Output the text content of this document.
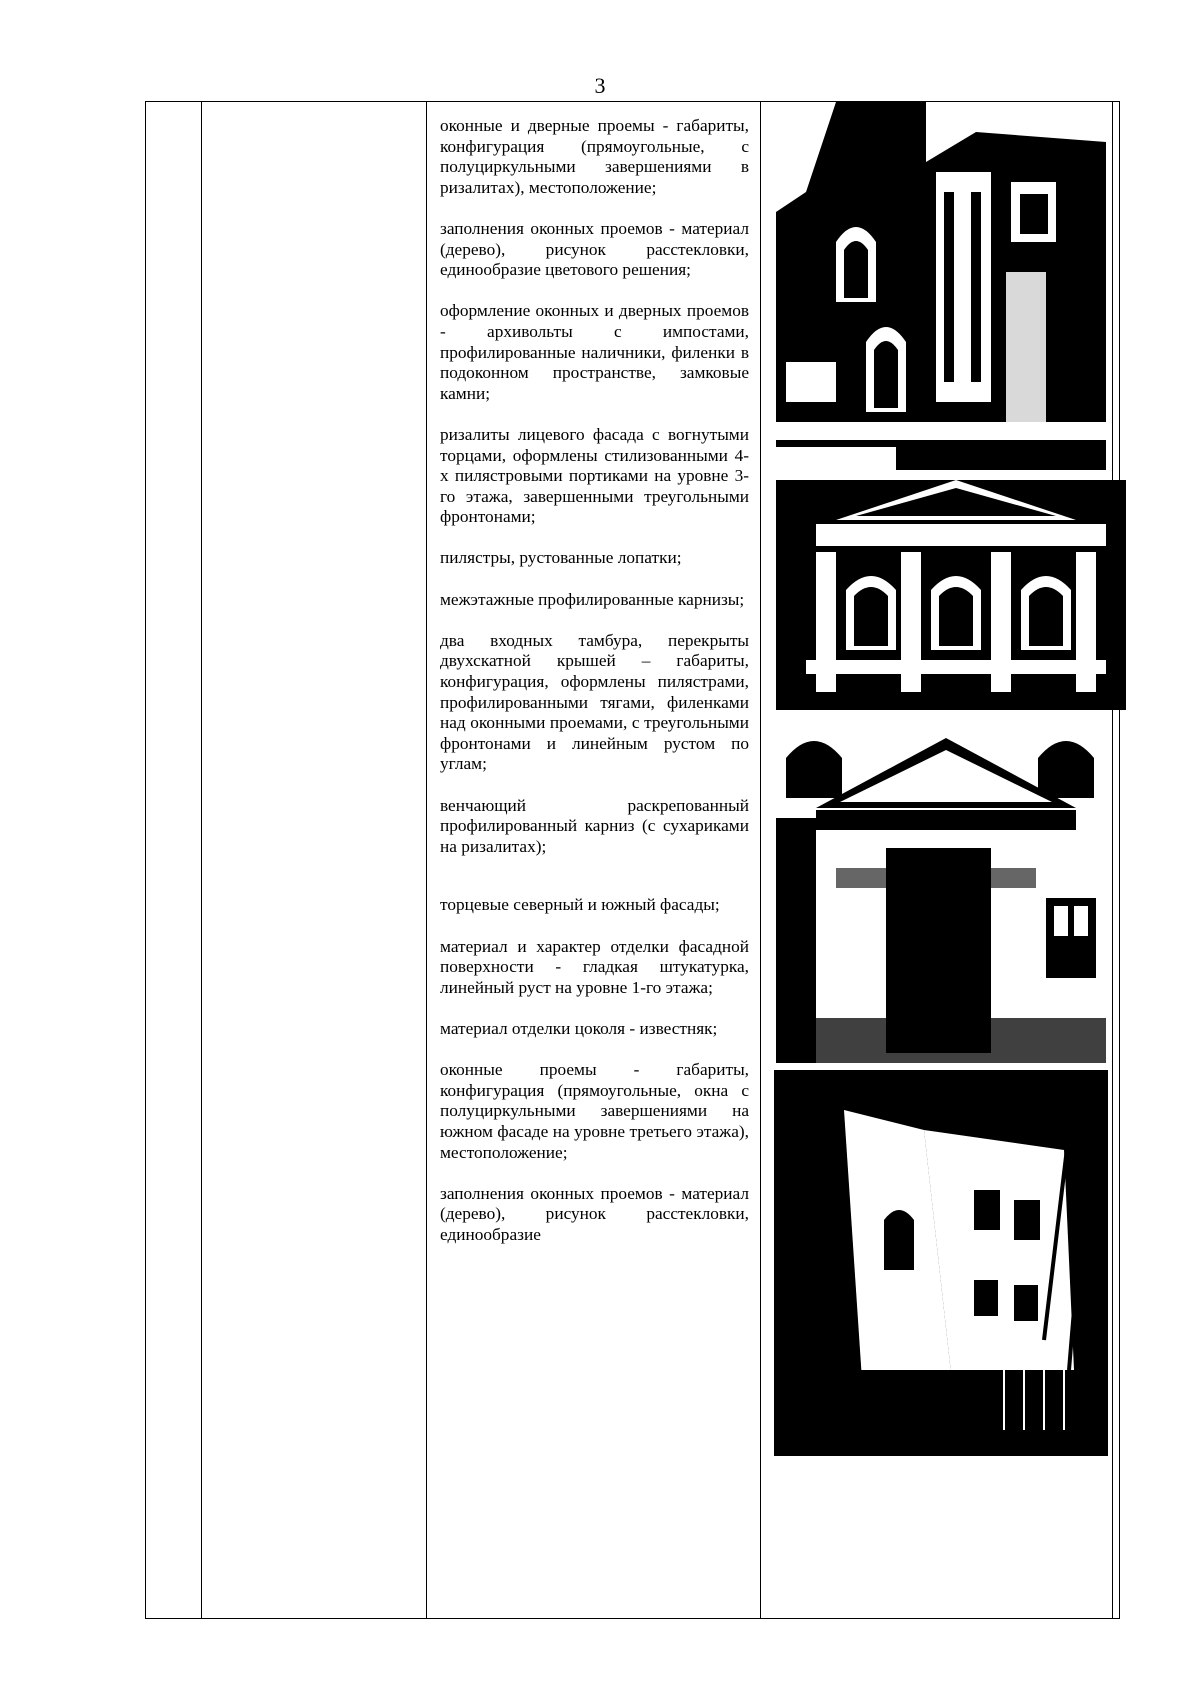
3

оконные и дверные проемы - габариты, конфигурация (прямоугольные, с полуциркульными завершениями в ризалитах), местоположение;

заполнения оконных проемов - материал (дерево), рисунок расстекловки, единообразие цветового решения;

оформление оконных и дверных проемов - архивольты с импостами, профилированные наличники, филенки в подоконном пространстве, замковые камни;

ризалиты лицевого фасада с вогнутыми торцами, оформлены стилизованными 4-х пилястровыми портиками на уровне 3-го этажа, завершенными треугольными фронтонами;

пилястры, рустованные лопатки;

межэтажные профилированные карнизы;

два входных тамбура, перекрыты двухскатной крышей – габариты, конфигурация, оформлены пилястрами, профилированными тягами, филенками над оконными проемами, с треугольными фронтонами и линейным рустом по углам;

венчающий раскрепованный профилированный карниз (с сухариками на ризалитах);

торцевые северный и южный фасады;

материал и характер отделки фасадной поверхности - гладкая штукатурка, линейный руст на уровне 1-го этажа;

материал отделки цоколя - известняк;

оконные проемы - габариты, конфигурация (прямоугольные, окна с полуциркульными завершениями на южном фасаде на уровне третьего этажа), местоположение;

заполнения оконных проемов - материал (дерево), рисунок расстекловки, единообразие
